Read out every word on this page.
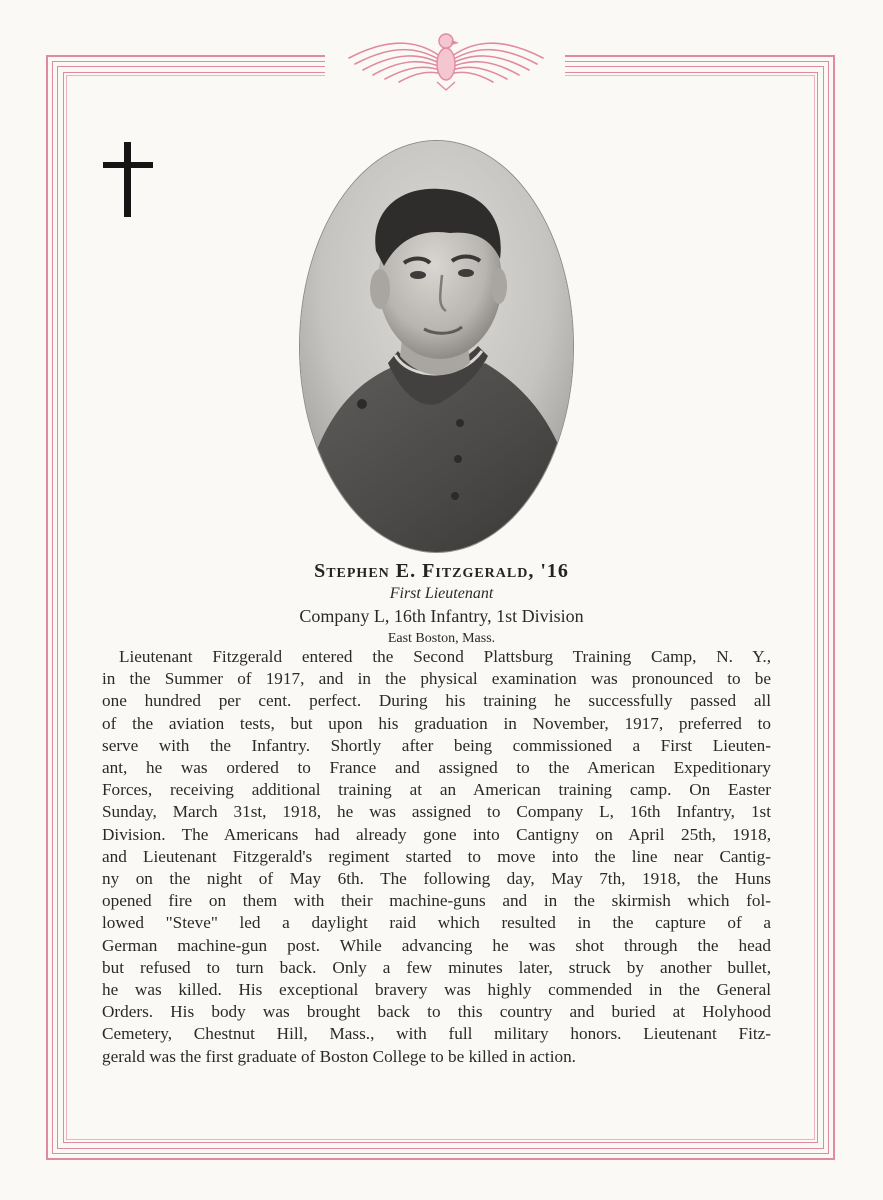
Stephen E. Fitzgerald, '16
First Lieutenant
Company L, 16th Infantry, 1st Division
East Boston, Mass.
Lieutenant Fitzgerald entered the Second Plattsburg Training Camp, N. Y.,
in the Summer of 1917, and in the physical examination was pronounced to be
one hundred per cent. perfect. During his training he successfully passed all
of the aviation tests, but upon his graduation in November, 1917, preferred to
serve with the Infantry. Shortly after being commissioned a First Lieuten-
ant, he was ordered to France and assigned to the American Expeditionary
Forces, receiving additional training at an American training camp. On Easter
Sunday, March 31st, 1918, he was assigned to Company L, 16th Infantry, 1st
Division. The Americans had already gone into Cantigny on April 25th, 1918,
and Lieutenant Fitzgerald's regiment started to move into the line near Cantig-
ny on the night of May 6th. The following day, May 7th, 1918, the Huns
opened fire on them with their machine-guns and in the skirmish which fol-
lowed "Steve" led a daylight raid which resulted in the capture of a
German machine-gun post. While advancing he was shot through the head
but refused to turn back. Only a few minutes later, struck by another bullet,
he was killed. His exceptional bravery was highly commended in the General
Orders. His body was brought back to this country and buried at Holyhood
Cemetery, Chestnut Hill, Mass., with full military honors. Lieutenant Fitz-
gerald was the first graduate of Boston College to be killed in action.
